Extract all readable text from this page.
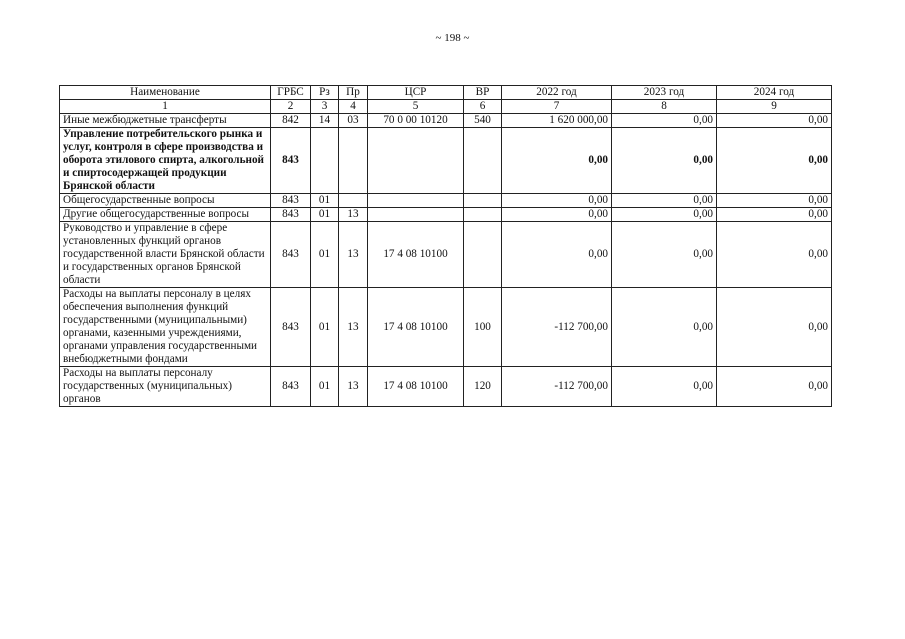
~ 198 ~
Наименование	ГРБС	Рз	Пр	ЦСР	ВР	2022 год	2023 год	2024 год
1	2	3	4	5	6	7	8	9
Иные межбюджетные трансферты	842	14	03	70 0 00 10120	540	1 620 000,00	0,00	0,00
Управление потребительского рынка и услуг, контроля в сфере производства и оборота этилового спирта, алкогольной и спиртосодержащей продукции Брянской области	843					0,00	0,00	0,00
Общегосударственные вопросы	843	01				0,00	0,00	0,00
Другие общегосударственные вопросы	843	01	13			0,00	0,00	0,00
Руководство и управление в сфере установленных функций органов государственной власти Брянской области и государственных органов Брянской области	843	01	13	17 4 08 10100		0,00	0,00	0,00
Расходы на выплаты персоналу в целях обеспечения выполнения функций государственными (муниципальными) органами, казенными учреждениями, органами управления государственными внебюджетными фондами	843	01	13	17 4 08 10100	100	-112 700,00	0,00	0,00
Расходы на выплаты персоналу государственных (муниципальных) органов	843	01	13	17 4 08 10100	120	-112 700,00	0,00	0,00
